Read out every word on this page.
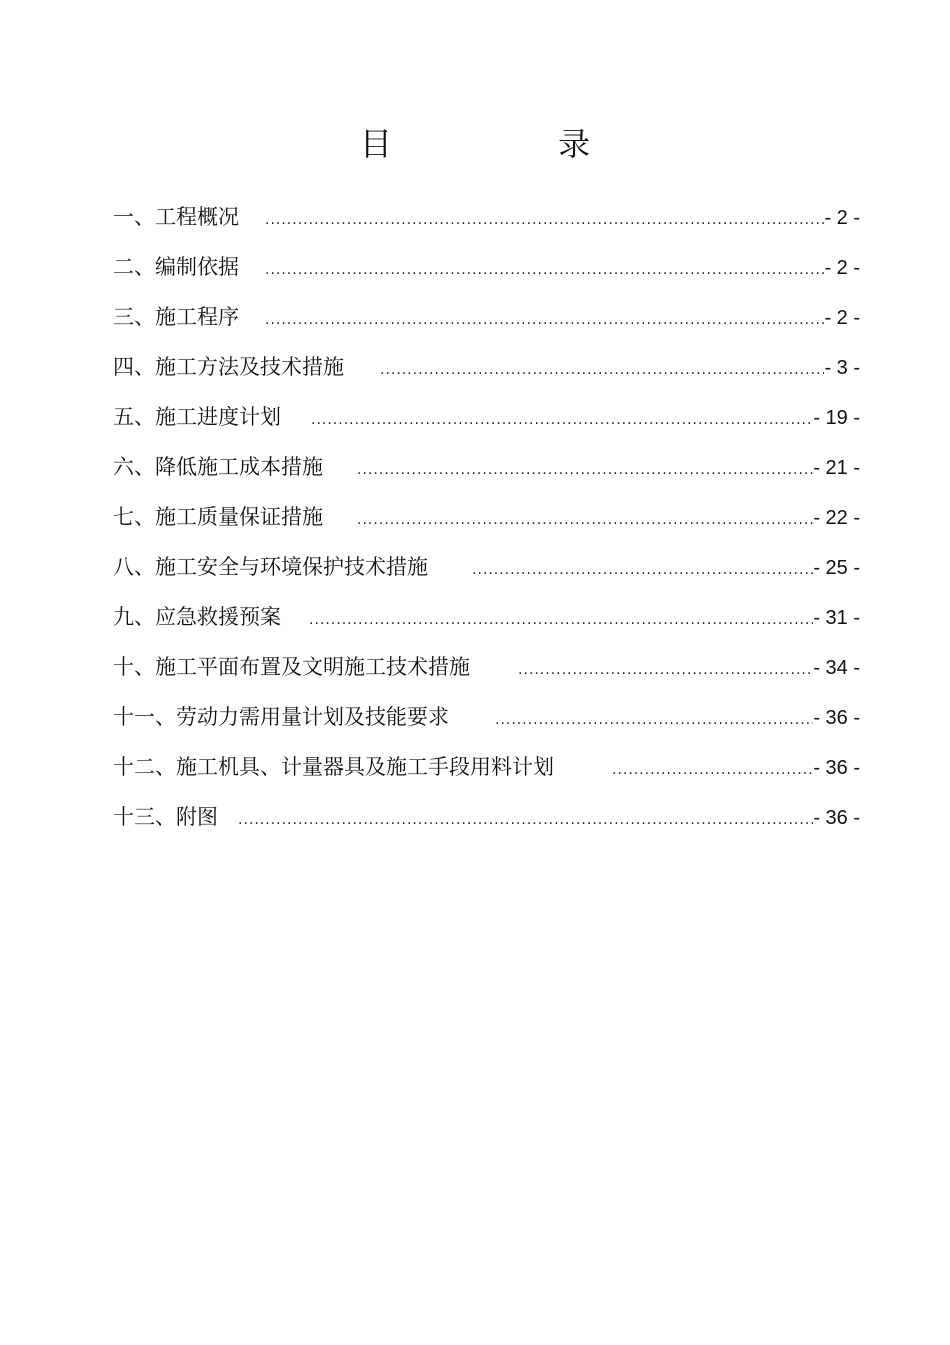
目 录
一、工程概况 .....	- 2 -
二、编制依据 .....	- 2 -
三、施工程序 .....	- 2 -
四、施工方法及技术措施 .....	- 3 -
五、施工进度计划 .....	- 19 -
六、降低施工成本措施 .....	- 21 -
七、施工质量保证措施 .....	- 22 -
八、施工安全与环境保护技术措施 .....	- 25 -
九、应急救援预案 .....	- 31 -
十、施工平面布置及文明施工技术措施 .....	- 34 -
十一、劳动力需用量计划及技能要求 .....	- 36 -
十二、施工机具、计量器具及施工手段用料计划 .....	- 36 -
十三、附图 .....	- 36 -
